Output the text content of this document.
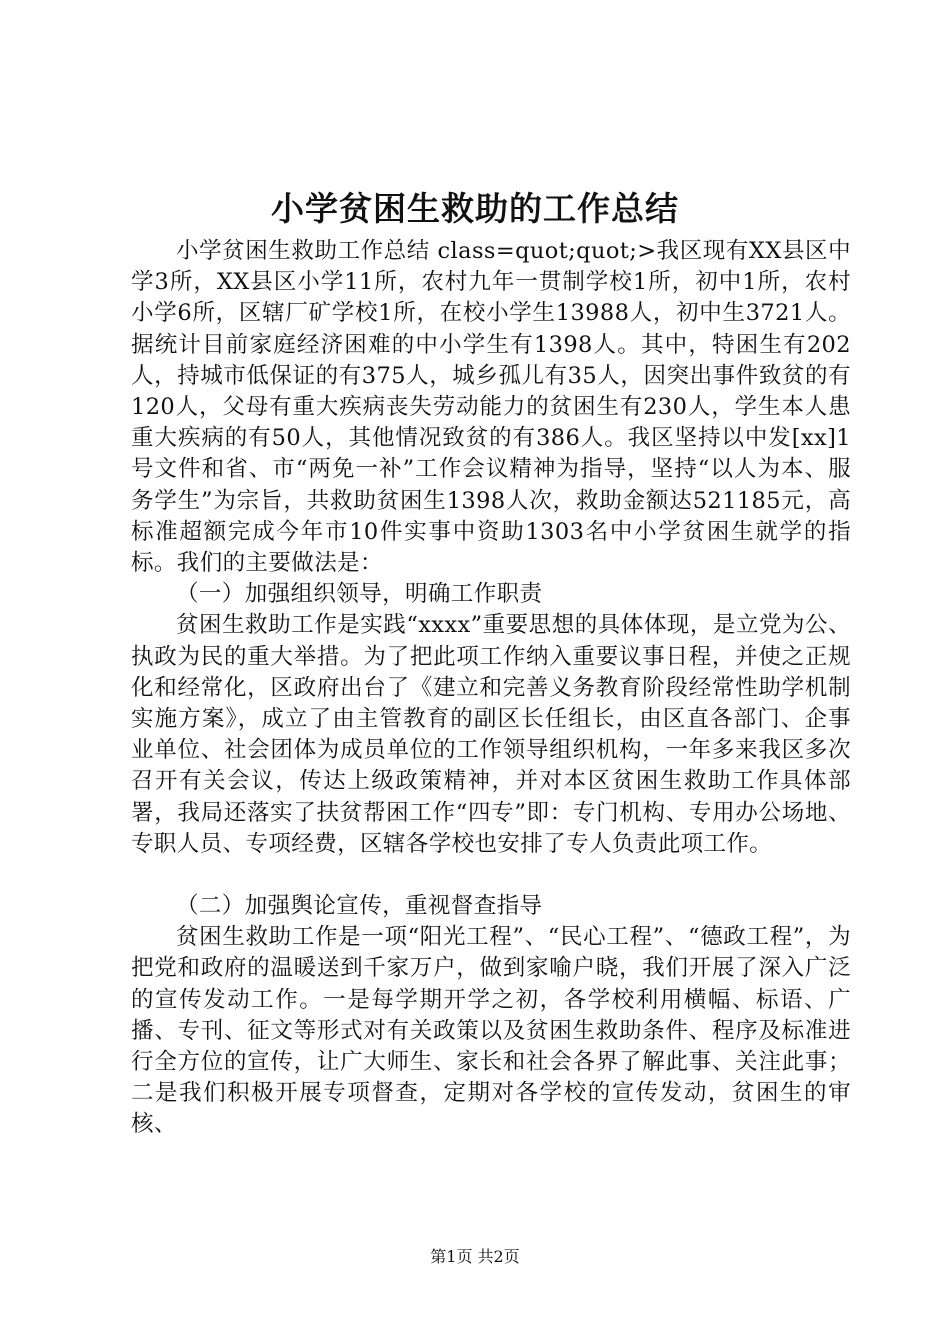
小学贫困生救助的工作总结

小学贫困生救助工作总结 class=quot;quot;>我区现有XX县区中学3所，XX县区小学11所，农村九年一贯制学校1所，初中1所，农村小学6所，区辖厂矿学校1所，在校小学生13988人，初中生3721人。据统计目前家庭经济困难的中小学生有1398人。其中，特困生有202人，持城市低保证的有375人，城乡孤儿有35人，因突出事件致贫的有120人，父母有重大疾病丧失劳动能力的贫困生有230人，学生本人患重大疾病的有50人，其他情况致贫的有386人。我区坚持以中发[xx]1号文件和省、市“两免一补”工作会议精神为指导，坚持“以人为本、服务学生”为宗旨，共救助贫困生1398人次，救助金额达521185元，高标准超额完成今年市10件实事中资助1303名中小学贫困生就学的指标。我们的主要做法是：

（一）加强组织领导，明确工作职责

贫困生救助工作是实践“xxxx”重要思想的具体体现，是立党为公、执政为民的重大举措。为了把此项工作纳入重要议事日程，并使之正规化和经常化，区政府出台了《建立和完善义务教育阶段经常性助学机制实施方案》，成立了由主管教育的副区长任组长，由区直各部门、企事业单位、社会团体为成员单位的工作领导组织机构，一年多来我区多次召开有关会议，传达上级政策精神，并对本区贫困生救助工作具体部署，我局还落实了扶贫帮困工作“四专”即：专门机构、专用办公场地、专职人员、专项经费，区辖各学校也安排了专人负责此项工作。

（二）加强舆论宣传，重视督查指导

贫困生救助工作是一项“阳光工程”、“民心工程”、“德政工程”，为把党和政府的温暖送到千家万户，做到家喻户晓，我们开展了深入广泛的宣传发动工作。一是每学期开学之初，各学校利用横幅、标语、广播、专刊、征文等形式对有关政策以及贫困生救助条件、程序及标准进行全方位的宣传，让广大师生、家长和社会各界了解此事、关注此事；二是我们积极开展专项督查，定期对各学校的宣传发动，贫困生的审核、

第1页 共2页
